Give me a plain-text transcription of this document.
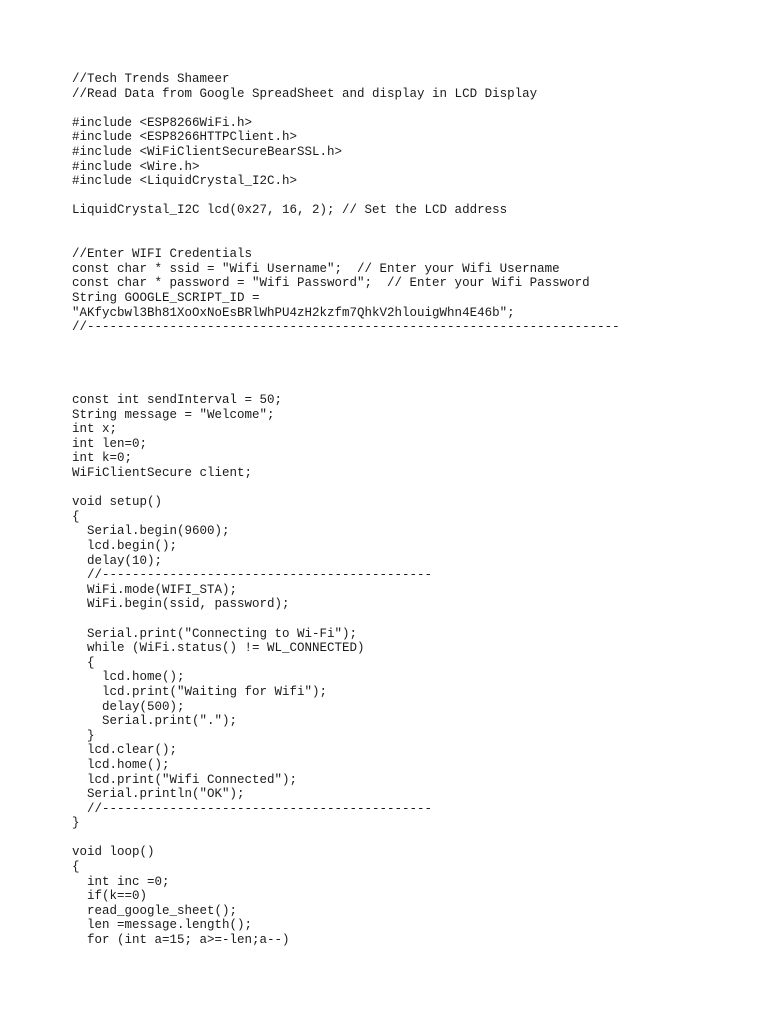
//Tech Trends Shameer
//Read Data from Google SpreadSheet and display in LCD Display
#include <ESP8266WiFi.h>
#include <ESP8266HTTPClient.h>
#include <WiFiClientSecureBearSSL.h>
#include <Wire.h>
#include <LiquidCrystal_I2C.h>
LiquidCrystal_I2C lcd(0x27, 16, 2); // Set the LCD address
//Enter WIFI Credentials
const char * ssid = "Wifi Username";  // Enter your Wifi Username
const char * password = "Wifi Password";  // Enter your Wifi Password
String GOOGLE_SCRIPT_ID =
"AKfycbwl3Bh81XoOxNoEsBRlWhPU4zH2kzfm7QhkV2hlouigWhn4E46b";
//-----------------------------------------------------------------------
const int sendInterval = 50;
String message = "Welcome";
int x;
int len=0;
int k=0;
WiFiClientSecure client;
void setup()
{
Serial.begin(9600);
lcd.begin();
delay(10);
//--------------------------------------------
WiFi.mode(WIFI_STA);
WiFi.begin(ssid, password);
Serial.print("Connecting to Wi-Fi");
while (WiFi.status() != WL_CONNECTED)
{
lcd.home();
lcd.print("Waiting for Wifi");
delay(500);
Serial.print(".");
}
lcd.clear();
lcd.home();
lcd.print("Wifi Connected");
Serial.println("OK");
//--------------------------------------------
}
void loop()
{
int inc =0;
if(k==0)
read_google_sheet();
len =message.length();
for (int a=15; a>=-len;a--)
